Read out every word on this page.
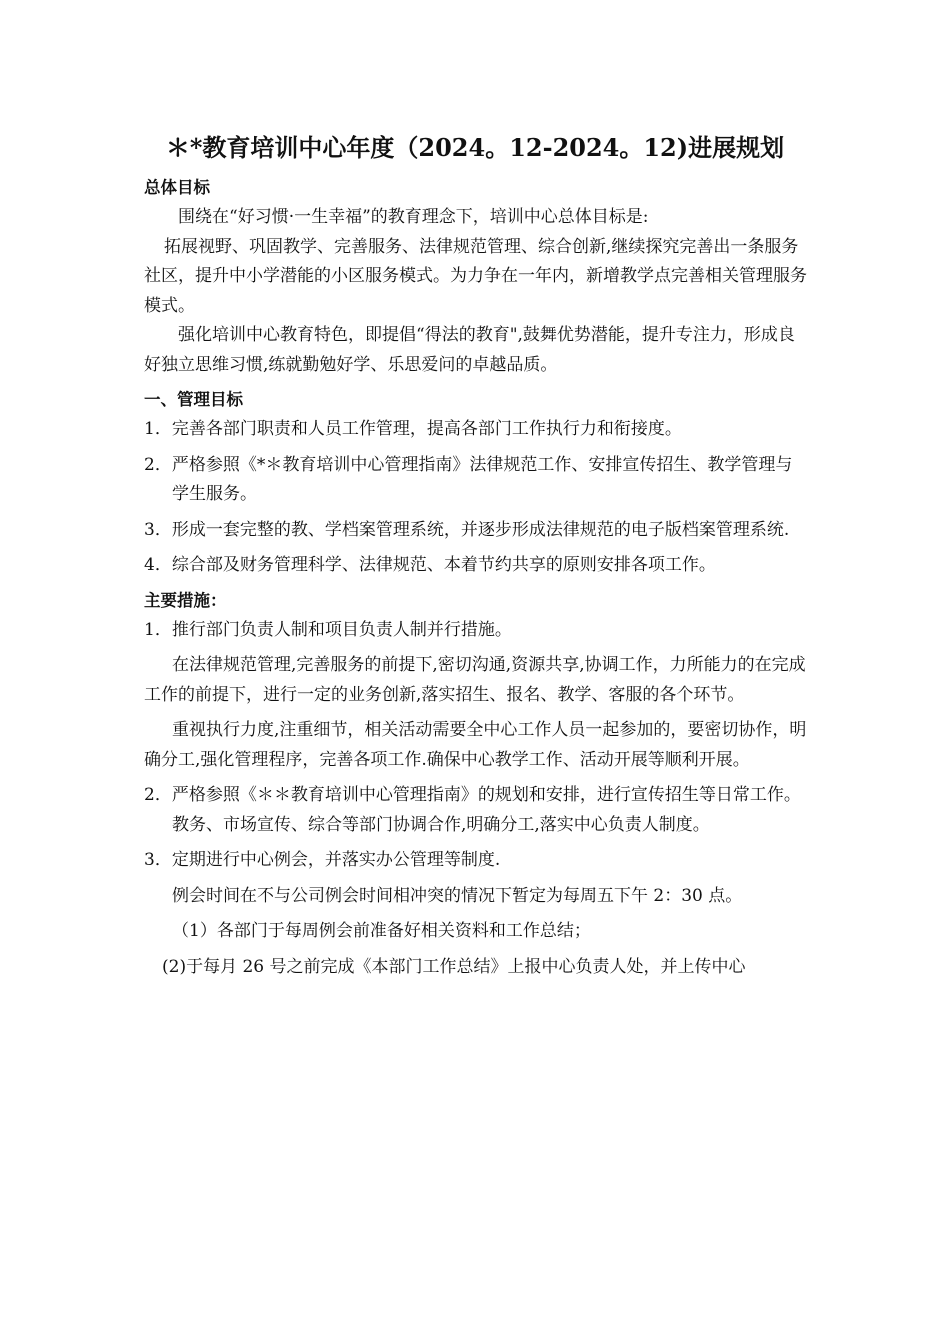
＊*教育培训中心年度（2024。12-2024。12)进展规划

总体目标

围绕在“好习惯·一生幸福”的教育理念下，培训中心总体目标是:

拓展视野、巩固教学、完善服务、法律规范管理、综合创新,继续探究完善出一条服务社区，提升中小学潜能的小区服务模式。为力争在一年内，新增教学点完善相关管理服务模式。

强化培训中心教育特色，即提倡“得法的教育",鼓舞优势潜能，提升专注力，形成良好独立思维习惯,练就勤勉好学、乐思爱问的卓越品质。

一、管理目标

1．完善各部门职责和人员工作管理，提高各部门工作执行力和衔接度。

2．严格参照《*＊教育培训中心管理指南》法律规范工作、安排宣传招生、教学管理与学生服务。

3．形成一套完整的教、学档案管理系统，并逐步形成法律规范的电子版档案管理系统.

4．综合部及财务管理科学、法律规范、本着节约共享的原则安排各项工作。

主要措施：

1．推行部门负责人制和项目负责人制并行措施。

在法律规范管理,完善服务的前提下,密切沟通,资源共享,协调工作，力所能力的在完成工作的前提下，进行一定的业务创新,落实招生、报名、教学、客服的各个环节。

重视执行力度,注重细节，相关活动需要全中心工作人员一起参加的，要密切协作，明确分工,强化管理程序，完善各项工作.确保中心教学工作、活动开展等顺利开展。

2．严格参照《＊＊教育培训中心管理指南》的规划和安排，进行宣传招生等日常工作。教务、市场宣传、综合等部门协调合作,明确分工,落实中心负责人制度。

3．定期进行中心例会，并落实办公管理等制度.

例会时间在不与公司例会时间相冲突的情况下暂定为每周五下午 2：30 点。

（1）各部门于每周例会前准备好相关资料和工作总结；

(2)于每月 26 号之前完成《本部门工作总结》上报中心负责人处，并上传中心
